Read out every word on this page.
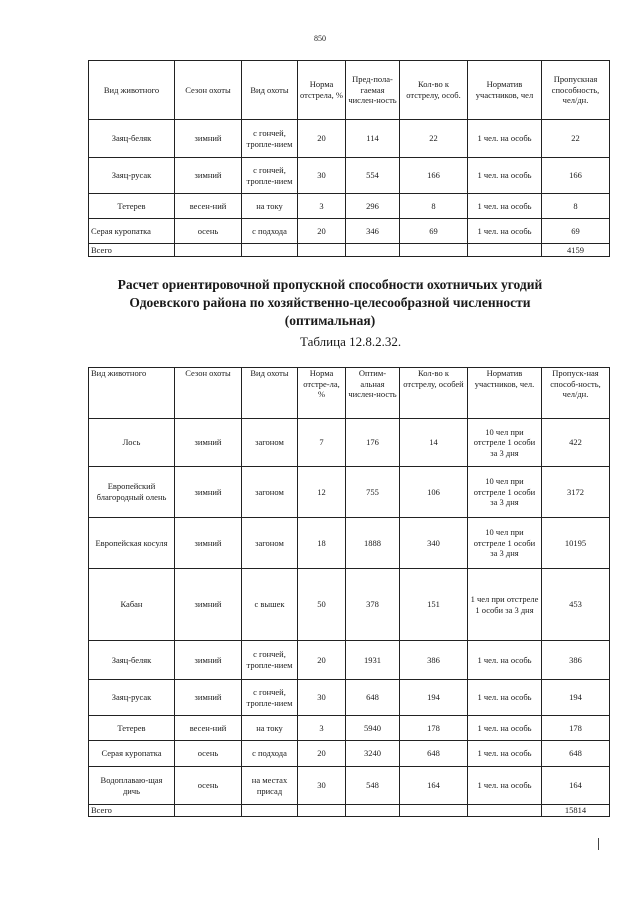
850
Вид животного	Сезон охоты	Вид охоты	Норма отстрела, %	Пред-пола-гаемая числен-ность	Кол-во к отстрелу, особ.	Норматив участников, чел	Пропускная способность, чел/дн.
Заяц-беляк	зимний	с гончей, тропле-нием	20	114	22	1 чел. на особь	22
Заяц-русак	зимний	с гончей, тропле-нием	30	554	166	1 чел. на особь	166
Тетерев	весен-ний	на току	3	296	8	1 чел. на особь	8
Серая куропатка	осень	с подхода	20	346	69	1 чел. на особь	69
Всего							4159
Расчет ориентировочной пропускной способности охотничьих угодий
Одоевского района по хозяйственно-целесообразной численности
(оптимальная)
Таблица 12.8.2.32.
Вид животного	Сезон охоты	Вид охоты	Норма отстре-ла, %	Оптим-альная числен-ность	Кол-во к отстрелу, особей	Норматив участников, чел.	Пропуск-ная способ-ность, чел/дн.
Лось	зимний	загоном	7	176	14	10 чел при отстреле 1 особи за 3 дня	422
Европейский благородный олень	зимний	загоном	12	755	106	10 чел при отстреле 1 особи за 3 дня	3172
Европейская косуля	зимний	загоном	18	1888	340	10 чел при отстреле 1 особи за 3 дня	10195
Кабан	зимний	с вышек	50	378	151	1 чел при отстреле 1 особи за 3 дня	453
Заяц-беляк	зимний	с гончей, тропле-нием	20	1931	386	1 чел. на особь	386
Заяц-русак	зимний	с гончей, тропле-нием	30	648	194	1 чел. на особь	194
Тетерев	весен-ний	на току	3	5940	178	1 чел. на особь	178
Серая куропатка	осень	с подхода	20	3240	648	1 чел. на особь	648
Водоплаваю-щая дичь	осень	на местах присад	30	548	164	1 чел. на особь	164
Всего							15814
